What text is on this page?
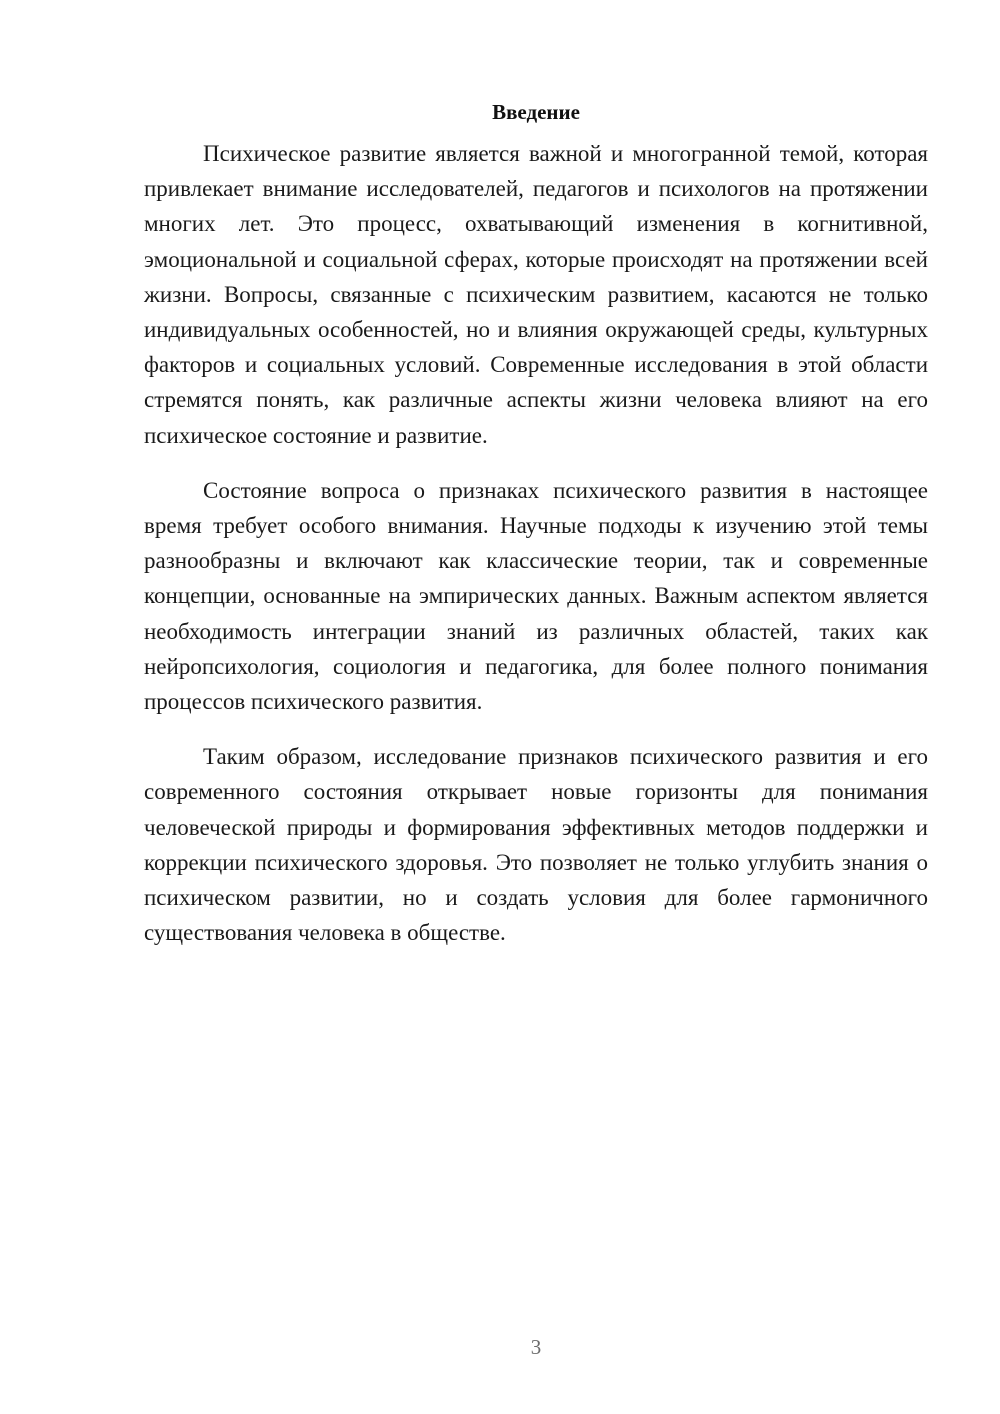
Введение

Психическое развитие является важной и многогранной темой, которая привлекает внимание исследователей, педагогов и психологов на протяжении многих лет. Это процесс, охватывающий изменения в когнитивной, эмоциональной и социальной сферах, которые происходят на протяжении всей жизни. Вопросы, связанные с психическим развитием, касаются не только индивидуальных особенностей, но и влияния окружающей среды, культурных факторов и социальных условий. Современные исследования в этой области стремятся понять, как различные аспекты жизни человека влияют на его психическое состояние и развитие.

Состояние вопроса о признаках психического развития в настоящее время требует особого внимания. Научные подходы к изучению этой темы разнообразны и включают как классические теории, так и современные концепции, основанные на эмпирических данных. Важным аспектом является необходимость интеграции знаний из различных областей, таких как нейропсихология, социология и педагогика, для более полного понимания процессов психического развития.

Таким образом, исследование признаков психического развития и его современного состояния открывает новые горизонты для понимания человеческой природы и формирования эффективных методов поддержки и коррекции психического здоровья. Это позволяет не только углубить знания о психическом развитии, но и создать условия для более гармоничного существования человека в обществе.

3
